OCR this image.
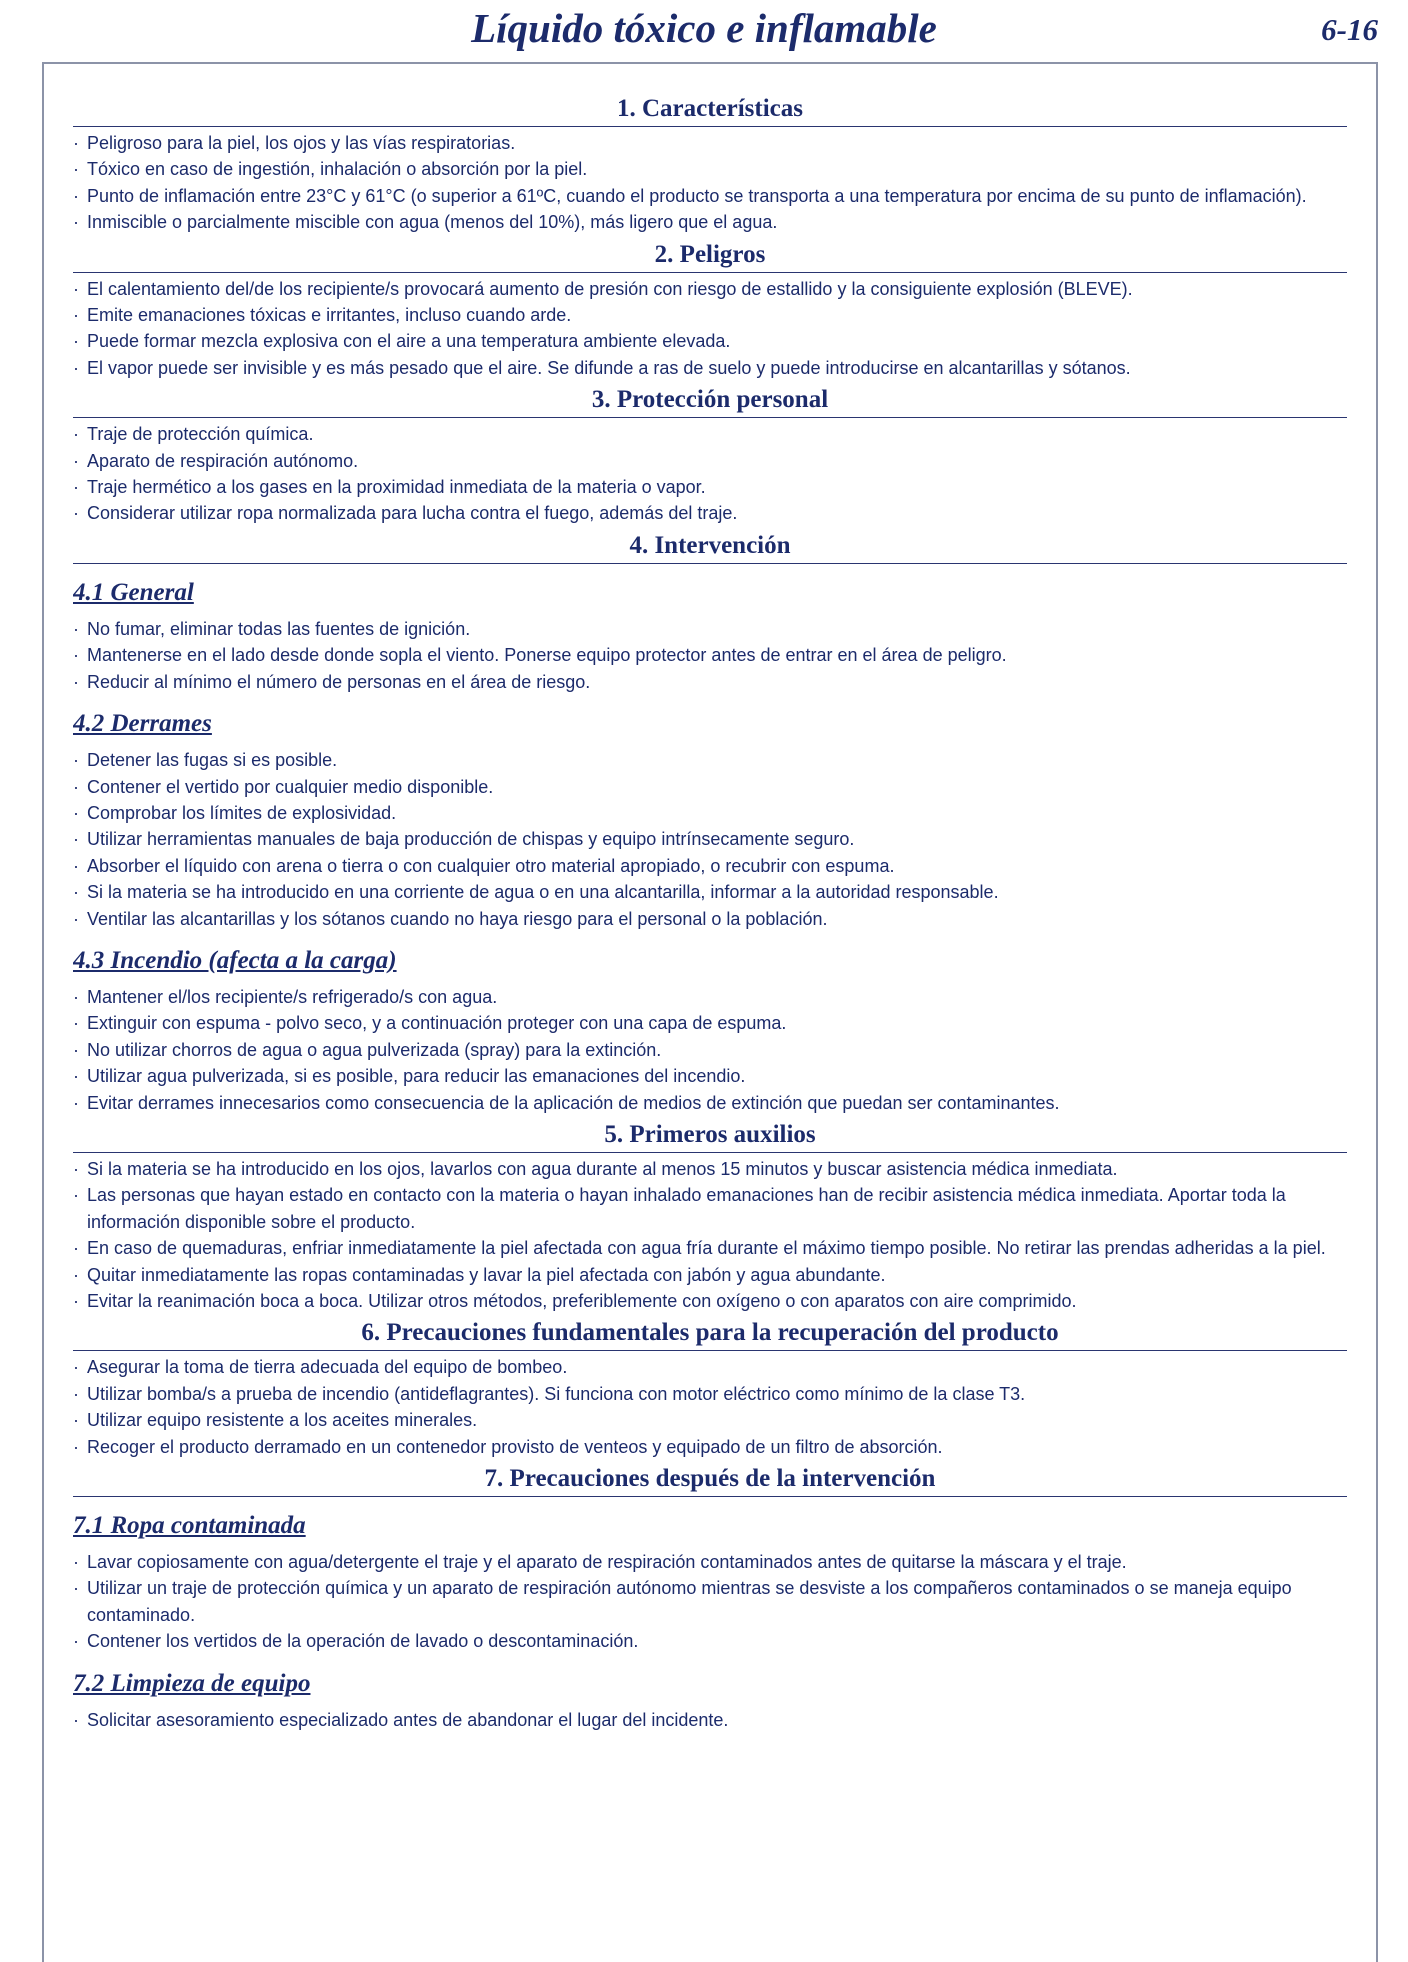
Líquido tóxico e inflamable	6-16
1. Características
· Peligroso para la piel, los ojos y las vías respiratorias.
· Tóxico en caso de ingestión, inhalación o absorción por la piel.
· Punto de inflamación entre 23°C y 61°C (o superior a 61ºC, cuando el producto se transporta a una temperatura por encima de su punto de inflamación).
· Inmiscible o parcialmente miscible con agua (menos del 10%), más ligero que el agua.
2. Peligros
· El calentamiento del/de los recipiente/s provocará aumento de presión con riesgo de estallido y la consiguiente explosión (BLEVE).
· Emite emanaciones tóxicas e irritantes, incluso cuando arde.
· Puede formar mezcla explosiva con el aire a una temperatura ambiente elevada.
· El vapor puede ser invisible y es más pesado que el aire. Se difunde a ras de suelo y puede introducirse en alcantarillas y sótanos.
3. Protección personal
· Traje de protección química.
· Aparato de respiración autónomo.
· Traje hermético a los gases en la proximidad inmediata de la materia o vapor.
· Considerar utilizar ropa normalizada para lucha contra el fuego, además del traje.
4. Intervención
4.1 General
· No fumar, eliminar todas las fuentes de ignición.
· Mantenerse en el lado desde donde sopla el viento. Ponerse equipo protector antes de entrar en el área de peligro.
· Reducir al mínimo el número de personas en el área de riesgo.
4.2 Derrames
· Detener las fugas si es posible.
· Contener el vertido por cualquier medio disponible.
· Comprobar los límites de explosividad.
· Utilizar herramientas manuales de baja producción de chispas y equipo intrínsecamente seguro.
· Absorber el líquido con arena o tierra o con cualquier otro material apropiado, o recubrir con espuma.
· Si la materia se ha introducido en una corriente de agua o en una alcantarilla, informar a la autoridad responsable.
· Ventilar las alcantarillas y los sótanos cuando no haya riesgo para el personal o la población.
4.3 Incendio (afecta a la carga)
· Mantener el/los recipiente/s refrigerado/s con agua.
· Extinguir con espuma - polvo seco, y a continuación proteger con una capa de espuma.
· No utilizar chorros de agua o agua pulverizada (spray) para la extinción.
· Utilizar agua pulverizada, si es posible, para reducir las emanaciones del incendio.
· Evitar derrames innecesarios como consecuencia de la aplicación de medios de extinción que puedan ser contaminantes.
5. Primeros auxilios
· Si la materia se ha introducido en los ojos, lavarlos con agua durante al menos 15 minutos y buscar asistencia médica inmediata.
· Las personas que hayan estado en contacto con la materia o hayan inhalado emanaciones han de recibir asistencia médica inmediata. Aportar toda la información disponible sobre el producto.
· En caso de quemaduras, enfriar inmediatamente la piel afectada con agua fría durante el máximo tiempo posible. No retirar las prendas adheridas a la piel.
· Quitar inmediatamente las ropas contaminadas y lavar la piel afectada con jabón y agua abundante.
· Evitar la reanimación boca a boca. Utilizar otros métodos, preferiblemente con oxígeno o con aparatos con aire comprimido.
6. Precauciones fundamentales para la recuperación del producto
· Asegurar la toma de tierra adecuada del equipo de bombeo.
· Utilizar bomba/s a prueba de incendio (antideflagrantes). Si funciona con motor eléctrico como mínimo de la clase T3.
· Utilizar equipo resistente a los aceites minerales.
· Recoger el producto derramado en un contenedor provisto de venteos y equipado de un filtro de absorción.
7. Precauciones después de la intervención
7.1 Ropa contaminada
· Lavar copiosamente con agua/detergente el traje y el aparato de respiración contaminados antes de quitarse la máscara y el traje.
· Utilizar un traje de protección química y un aparato de respiración autónomo mientras se desviste a los compañeros contaminados o se maneja equipo contaminado.
· Contener los vertidos de la operación de lavado o descontaminación.
7.2 Limpieza de equipo
· Solicitar asesoramiento especializado antes de abandonar el lugar del incidente.
